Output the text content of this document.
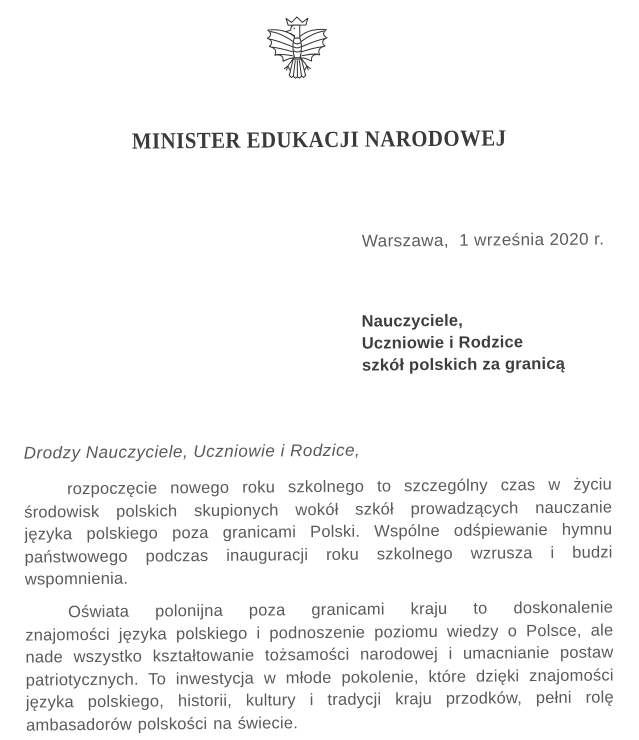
MINISTER EDUKACJI NARODOWEJ
Warszawa,  1 września 2020 r.
Nauczyciele,
Uczniowie i Rodzice
szkół polskich za granicą
Drodzy Nauczyciele, Uczniowie i Rodzice,
rozpoczęcie nowego roku szkolnego to szczególny czas w życiu
środowisk polskich skupionych wokół szkół prowadzących nauczanie
języka polskiego poza granicami Polski. Wspólne odśpiewanie hymnu
państwowego podczas inauguracji roku szkolnego wzrusza i budzi
wspomnienia.
Oświata polonijna poza granicami kraju to doskonalenie
znajomości języka polskiego i podnoszenie poziomu wiedzy o Polsce, ale
nade wszystko kształtowanie tożsamości narodowej i umacnianie postaw
patriotycznych. To inwestycja w młode pokolenie, które dzięki znajomości
języka polskiego, historii, kultury i tradycji kraju przodków, pełni rolę
ambasadorów polskości na świecie.
